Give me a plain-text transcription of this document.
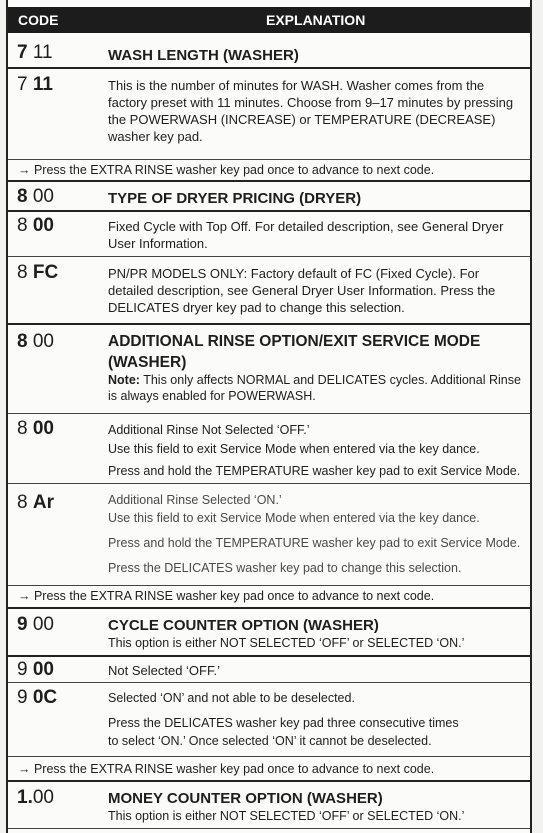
CODE	EXPLANATION
7 11	WASH LENGTH (WASHER)
7 11	This is the number of minutes for WASH. Washer comes from the factory preset with 11 minutes. Choose from 9–17 minutes by pressing the POWERWASH (INCREASE) or TEMPERATURE (DECREASE) washer key pad.
→ Press the EXTRA RINSE washer key pad once to advance to next code.
8 00	TYPE OF DRYER PRICING (DRYER)
8 00	Fixed Cycle with Top Off. For detailed description, see General Dryer User Information.
8 FC	PN/PR MODELS ONLY: Factory default of FC (Fixed Cycle). For detailed description, see General Dryer User Information. Press the DELICATES dryer key pad to change this selection.
8 00	ADDITIONAL RINSE OPTION/EXIT SERVICE MODE (WASHER)
Note: This only affects NORMAL and DELICATES cycles. Additional Rinse is always enabled for POWERWASH.
8 00	Additional Rinse Not Selected ‘OFF.’
Use this field to exit Service Mode when entered via the key dance.
Press and hold the TEMPERATURE washer key pad to exit Service Mode.
8 Ar	Additional Rinse Selected ‘ON.’
Use this field to exit Service Mode when entered via the key dance.
Press and hold the TEMPERATURE washer key pad to exit Service Mode.
Press the DELICATES washer key pad to change this selection.
→ Press the EXTRA RINSE washer key pad once to advance to next code.
9 00	CYCLE COUNTER OPTION (WASHER)
This option is either NOT SELECTED ‘OFF’ or SELECTED ‘ON.’
9 00	Not Selected ‘OFF.’
9 0C	Selected ‘ON’ and not able to be deselected.
Press the DELICATES washer key pad three consecutive times
to select ‘ON.’ Once selected ‘ON’ it cannot be deselected.
→ Press the EXTRA RINSE washer key pad once to advance to next code.
1.00	MONEY COUNTER OPTION (WASHER)
This option is either NOT SELECTED ‘OFF’ or SELECTED ‘ON.’
